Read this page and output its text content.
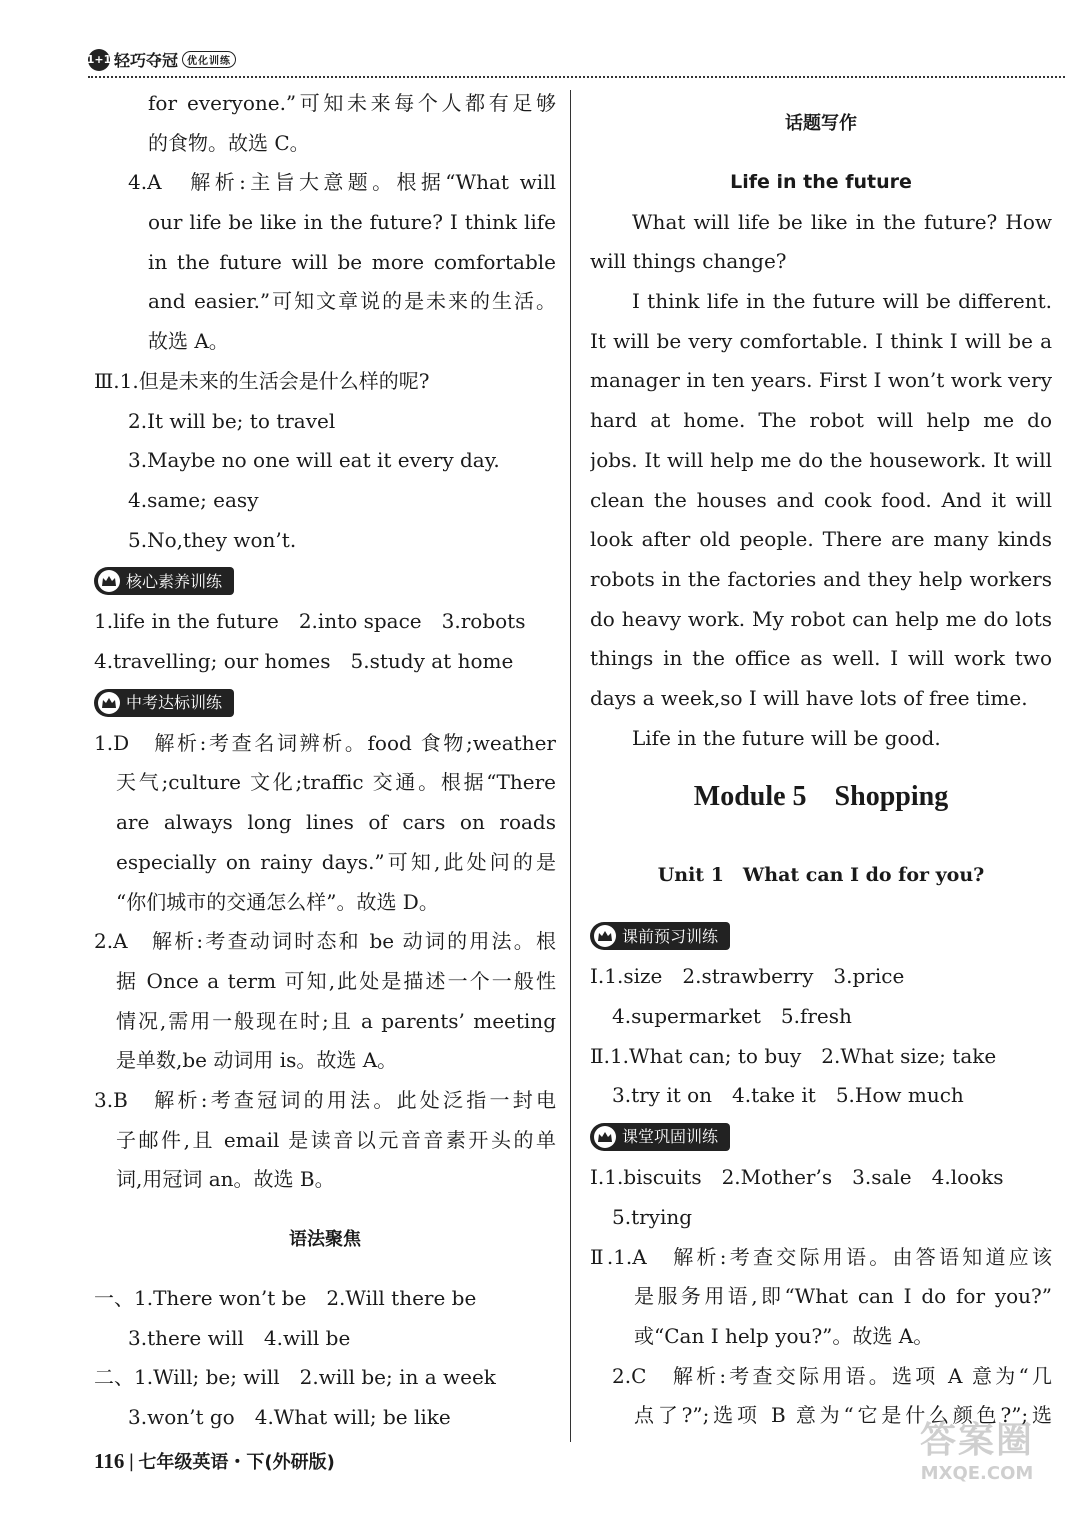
1+1 轻巧夺冠 优化训练
for everyone.”可知未来每个人都有足够
的食物。故选 C。
4.A　解析:主旨大意题。根据“What will
our life be like in the future? I think life
in the future will be more comfortable
and easier.”可知文章说的是未来的生活。
故选 A。
Ⅲ.1.但是未来的生活会是什么样的呢?
2.It will be; to travel
3.Maybe no one will eat it every day.
4.same; easy
5.No,they won’t.
核心素养训练
1.life in the future　2.into space　3.robots
4.travelling; our homes　5.study at home
中考达标训练
1.D　解析:考查名词辨析。food 食物;weather
天气;culture 文化;traffic 交通。根据“There
are always long lines of cars on roads
especially on rainy days.”可知,此处问的是
“你们城市的交通怎么样”。故选 D。
2.A　解析:考查动词时态和 be 动词的用法。根
据 Once a term 可知,此处是描述一个一般性
情况,需用一般现在时;且 a parents’ meeting
是单数,be 动词用 is。故选 A。
3.B　解析:考查冠词的用法。此处泛指一封电
子邮件,且 email 是读音以元音音素开头的单
词,用冠词 an。故选 B。
语法聚焦
一、1.There won’t be　2.Will there be
3.there will　4.will be
二、1.Will; be; will　2.will be; in a week
3.won’t go　4.What will; be like
话题写作
Life in the future
What will life be like in the future? How
will things change?
I think life in the future will be different.
It will be very comfortable. I think I will be a
manager in ten years. First I won’t work very
hard at home. The robot will help me do
jobs. It will help me do the housework. It will
clean the houses and cook food. And it will
look after old people. There are many kinds
robots in the factories and they help workers
do heavy work. My robot can help me do lots
things in the office as well. I will work two
days a week,so I will have lots of free time.
Life in the future will be good.
Module 5　Shopping
Unit 1　What can I do for you?
课前预习训练
Ⅰ.1.size　2.strawberry　3.price
4.supermarket　5.fresh
Ⅱ.1.What can; to buy　2.What size; take
3.try it on　4.take it　5.How much
课堂巩固训练
Ⅰ.1.biscuits　2.Mother’s　3.sale　4.looks
5.trying
Ⅱ.1.A　解析:考查交际用语。由答语知道应该
是服务用语,即“What can I do for you?”
或“Can I help you?”。故选 A。
2.C　解析:考查交际用语。选项 A 意为“几
点了?”;选项 B 意为“它是什么颜色?”;选
116 | 七年级英语・下(外研版)
答案圈
MXQE.COM
